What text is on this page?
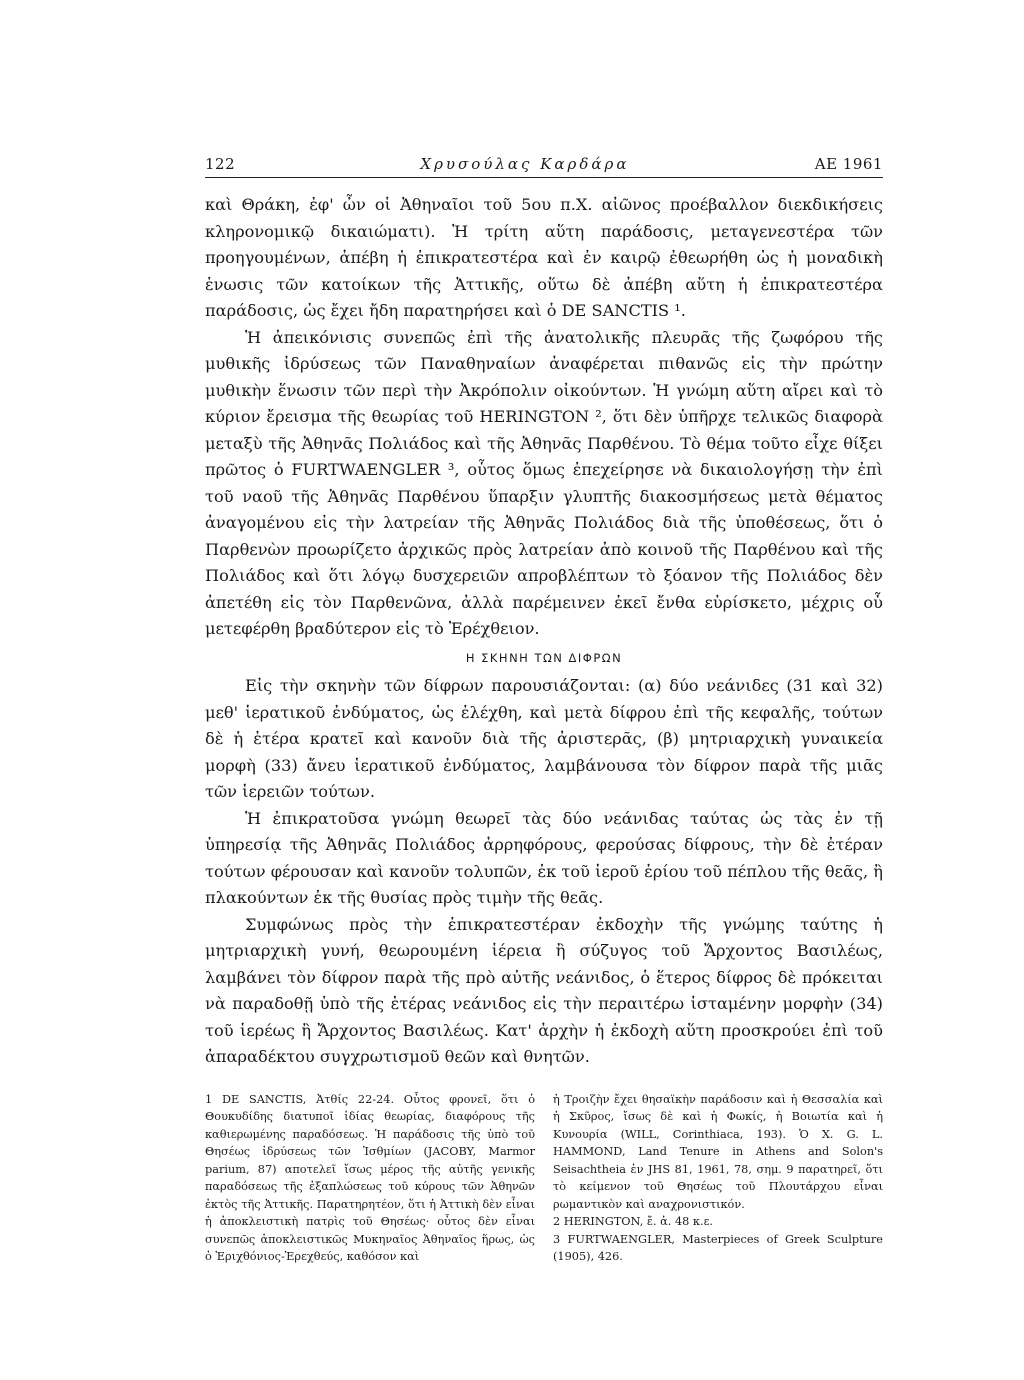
122	Χρυσούλας Καρδάρα	ΑΕ 1961

καὶ Θράκη, ἐφ' ὧν οἱ Ἀθηναῖοι τοῦ 5ου π.Χ. αἰῶνος προέβαλλον διεκδικήσεις κληρονομικῷ δικαιώματι). Ἡ τρίτη αὕτη παράδοσις, μεταγενεστέρα τῶν προηγουμένων, ἀπέβη ἡ ἐπικρατεστέρα καὶ ἐν καιρῷ ἐθεωρήθη ὡς ἡ μοναδικὴ ἑνωσις τῶν κατοίκων τῆς Ἀττικῆς, οὕτω δὲ ἀπέβη αὕτη ἡ ἐπικρατεστέρα παράδοσις, ὡς ἔχει ἤδη παρατηρήσει καὶ ὁ DE SANCTIS ¹.

Ἡ ἀπεικόνισις συνεπῶς ἐπὶ τῆς ἀνατολικῆς πλευρᾶς τῆς ζωφόρου τῆς μυθικῆς ἱδρύσεως τῶν Παναθηναίων ἀναφέρεται πιθανῶς εἰς τὴν πρώτην μυθικὴν ἕνωσιν τῶν περὶ τὴν Ἀκρόπολιν οἰκούντων. Ἡ γνώμη αὕτη αἴρει καὶ τὸ κύριον ἔρεισμα τῆς θεωρίας τοῦ HERINGTON ², ὅτι δὲν ὑπῆρχε τελικῶς διαφορὰ μεταξὺ τῆς Ἀθηνᾶς Πολιάδος καὶ τῆς Ἀθηνᾶς Παρθένου. Τὸ θέμα τοῦτο εἶχε θίξει πρῶτος ὁ FURTWAENGLER ³, οὗτος ὅμως ἐπεχείρησε νὰ δικαιολογήσῃ τὴν ἐπὶ τοῦ ναοῦ τῆς Ἀθηνᾶς Παρθένου ὕπαρξιν γλυπτῆς διακοσμήσεως μετὰ θέματος ἀναγομένου εἰς τὴν λατρείαν τῆς Ἀθηνᾶς Πολιάδος διὰ τῆς ὑποθέσεως, ὅτι ὁ Παρθενὼν προωρίζετο ἀρχικῶς πρὸς λατρείαν ἀπὸ κοινοῦ τῆς Παρθένου καὶ τῆς Πολιάδος καὶ ὅτι λόγῳ δυσχερειῶν απροβλέπτων τὸ ξόανον τῆς Πολιάδος δὲν ἀπετέθη εἰς τὸν Παρθενῶνα, ἀλλὰ παρέμεινεν ἐκεῖ ἔνθα εὑρίσκετο, μέχρις οὗ μετεφέρθη βραδύτερον εἰς τὸ Ἐρέχθειον.

Η ΣΚΗΝΗ ΤΩΝ ΔΙΦΡΩΝ

Εἰς τὴν σκηνὴν τῶν δίφρων παρουσιάζονται: (α) δύο νεάνιδες (31 καὶ 32) μεθ' ἱερατικοῦ ἐνδύματος, ὡς ἐλέχθη, καὶ μετὰ δίφρου ἐπὶ τῆς κεφαλῆς, τούτων δὲ ἡ ἑτέρα κρατεῖ καὶ κανοῦν διὰ τῆς ἀριστερᾶς, (β) μητριαρχικὴ γυναικεία μορφὴ (33) ἄνευ ἱερατικοῦ ἐνδύματος, λαμβάνουσα τὸν δίφρον παρὰ τῆς μιᾶς τῶν ἱερειῶν τούτων.

Ἡ ἐπικρατοῦσα γνώμη θεωρεῖ τὰς δύο νεάνιδας ταύτας ὡς τὰς ἐν τῇ ὑπηρεσίᾳ τῆς Ἀθηνᾶς Πολιάδος ἀρρηφόρους, φερούσας δίφρους, τὴν δὲ ἑτέραν τούτων φέρουσαν καὶ κανοῦν τολυπῶν, ἐκ τοῦ ἱεροῦ ἐρίου τοῦ πέπλου τῆς θεᾶς, ἢ πλακούντων ἐκ τῆς θυσίας πρὸς τιμὴν τῆς θεᾶς.

Συμφώνως πρὸς τὴν ἐπικρατεστέραν ἐκδοχὴν τῆς γνώμης ταύτης ἡ μητριαρχικὴ γυνή, θεωρουμένη ἱέρεια ἢ σύζυγος τοῦ Ἄρχοντος Βασιλέως, λαμβάνει τὸν δίφρον παρὰ τῆς πρὸ αὐτῆς νεάνιδος, ὁ ἕτερος δίφρος δὲ πρόκειται νὰ παραδοθῇ ὑπὸ τῆς ἑτέρας νεάνιδος εἰς τὴν περαιτέρω ἱσταμένην μορφὴν (34) τοῦ ἱερέως ἢ Ἄρχοντος Βασιλέως. Κατ' ἀρχὴν ἡ ἐκδοχὴ αὕτη προσκρούει ἐπὶ τοῦ ἀπαραδέκτου συγχρωτισμοῦ θεῶν καὶ θνητῶν.

1 DE SANCTIS, Ἀτθίς 22-24. Οὗτος φρονεῖ, ὅτι ὁ Θουκυδίδης διατυποῖ ἰδίας θεωρίας, διαφόρους τῆς καθιερωμένης παραδόσεως. Ἡ παράδοσις τῆς ὑπὸ τοῦ Θησέως ἱδρύσεως τῶν Ἰσθμίων (JACOBY, Marmor parium, 87) αποτελεῖ ἴσως μέρος τῆς αὐτῆς γενικῆς παραδόσεως τῆς ἐξαπλώσεως τοῦ κύρους τῶν Ἀθηνῶν ἐκτὸς τῆς Ἀττικῆς. Παρατηρητέον, ὅτι ἡ Ἀττικὴ δὲν εἶναι ἡ ἀποκλειστικὴ πατρὶς τοῦ Θησέως· οὗτος δὲν εἶναι συνεπῶς ἀποκλειστικῶς Μυκηναῖος Ἀθηναῖος ἥρως, ὡς ὁ Ἐριχθόνιος-Ἐρεχθεύς, καθόσον καὶ
ἡ Τροιζὴν ἔχει θησαϊκὴν παράδοσιν καὶ ἡ Θεσσαλία καὶ ἡ Σκῦρος, ἴσως δὲ καὶ ἡ Φωκίς, ἡ Βοιωτία καὶ ἡ Κυνουρία (WILL, Corinthiaca, 193). Ὁ Χ. G. L. HAMMOND, Land Tenure in Athens and Solon's Seisachtheia ἐν JHS 81, 1961, 78, σημ. 9 παρατηρεῖ, ὅτι τὸ κείμενον τοῦ Θησέως τοῦ Πλουτάρχου εἶναι ρωμαντικὸν καὶ αναχρονιστικόν.
2 HERINGTON, ἔ. ἀ. 48 κ.ε.
3 FURTWAENGLER, Masterpieces of Greek Sculpture (1905), 426.
